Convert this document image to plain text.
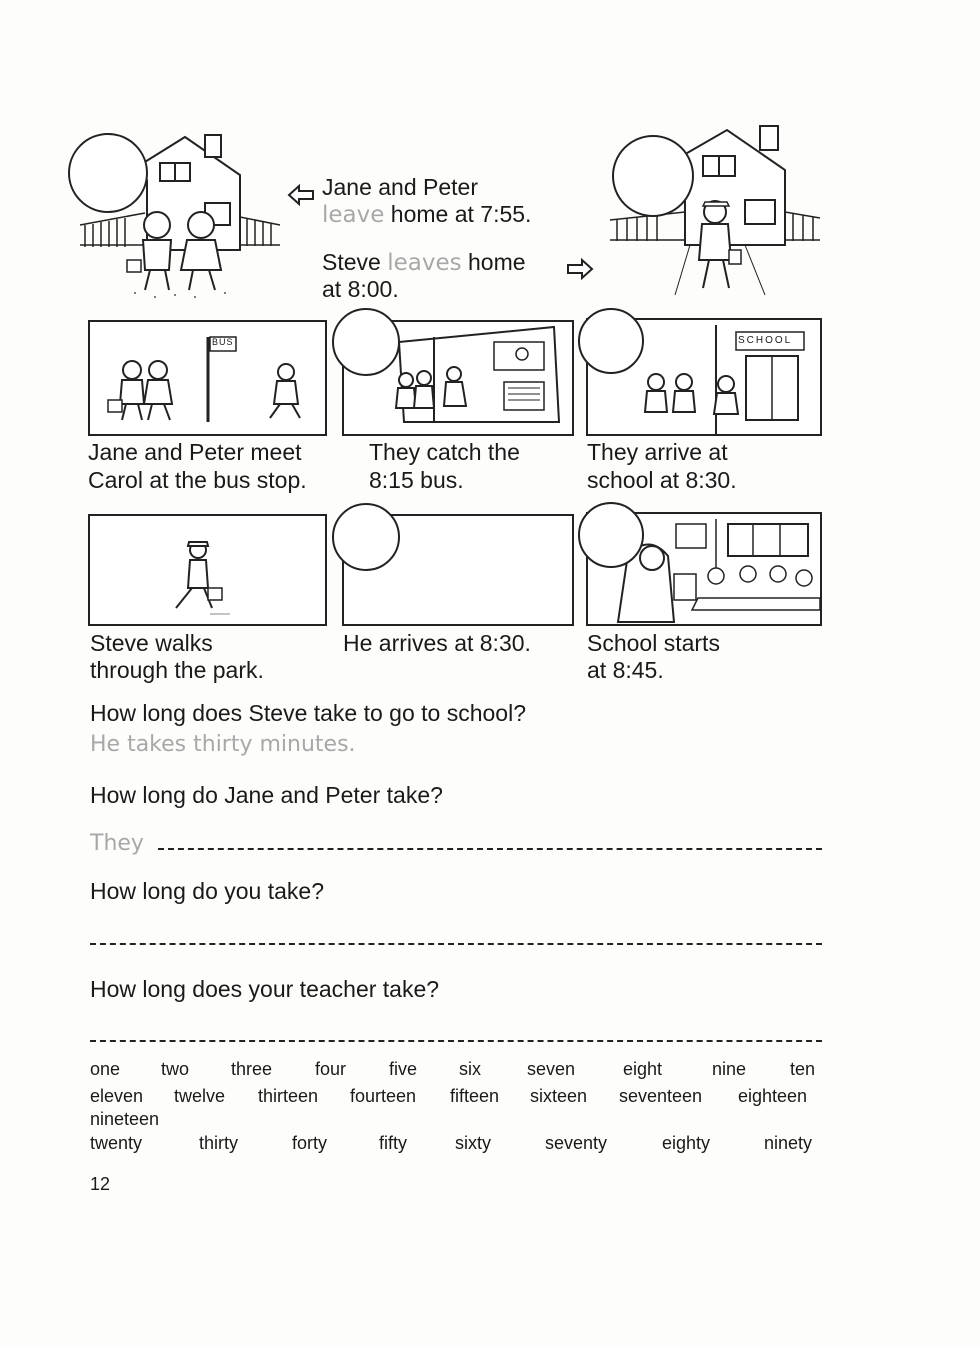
Jane and Peter
leave home at 7:55.
Steve leaves home
at 8:00.
BUS	SCHOOL
Jane and Peter meet
Carol at the bus stop.
They catch the
8:15 bus.
They arrive at
school at 8:30.
Steve walks
through the park.
He arrives at 8:30. School starts
at 8:45.
How long does Steve take to go to school?
He takes thirty minutes.
How long do Jane and Peter take?
They
How long do you take?
How long does your teacher take?
one two three four five six	seven	eight	nine ten
eleven twelve thirteen fourteen fifteen sixteen seventeen eighteen
nineteen
twenty	thirty	forty	fifty	sixty	seventy	eighty	ninety
12
